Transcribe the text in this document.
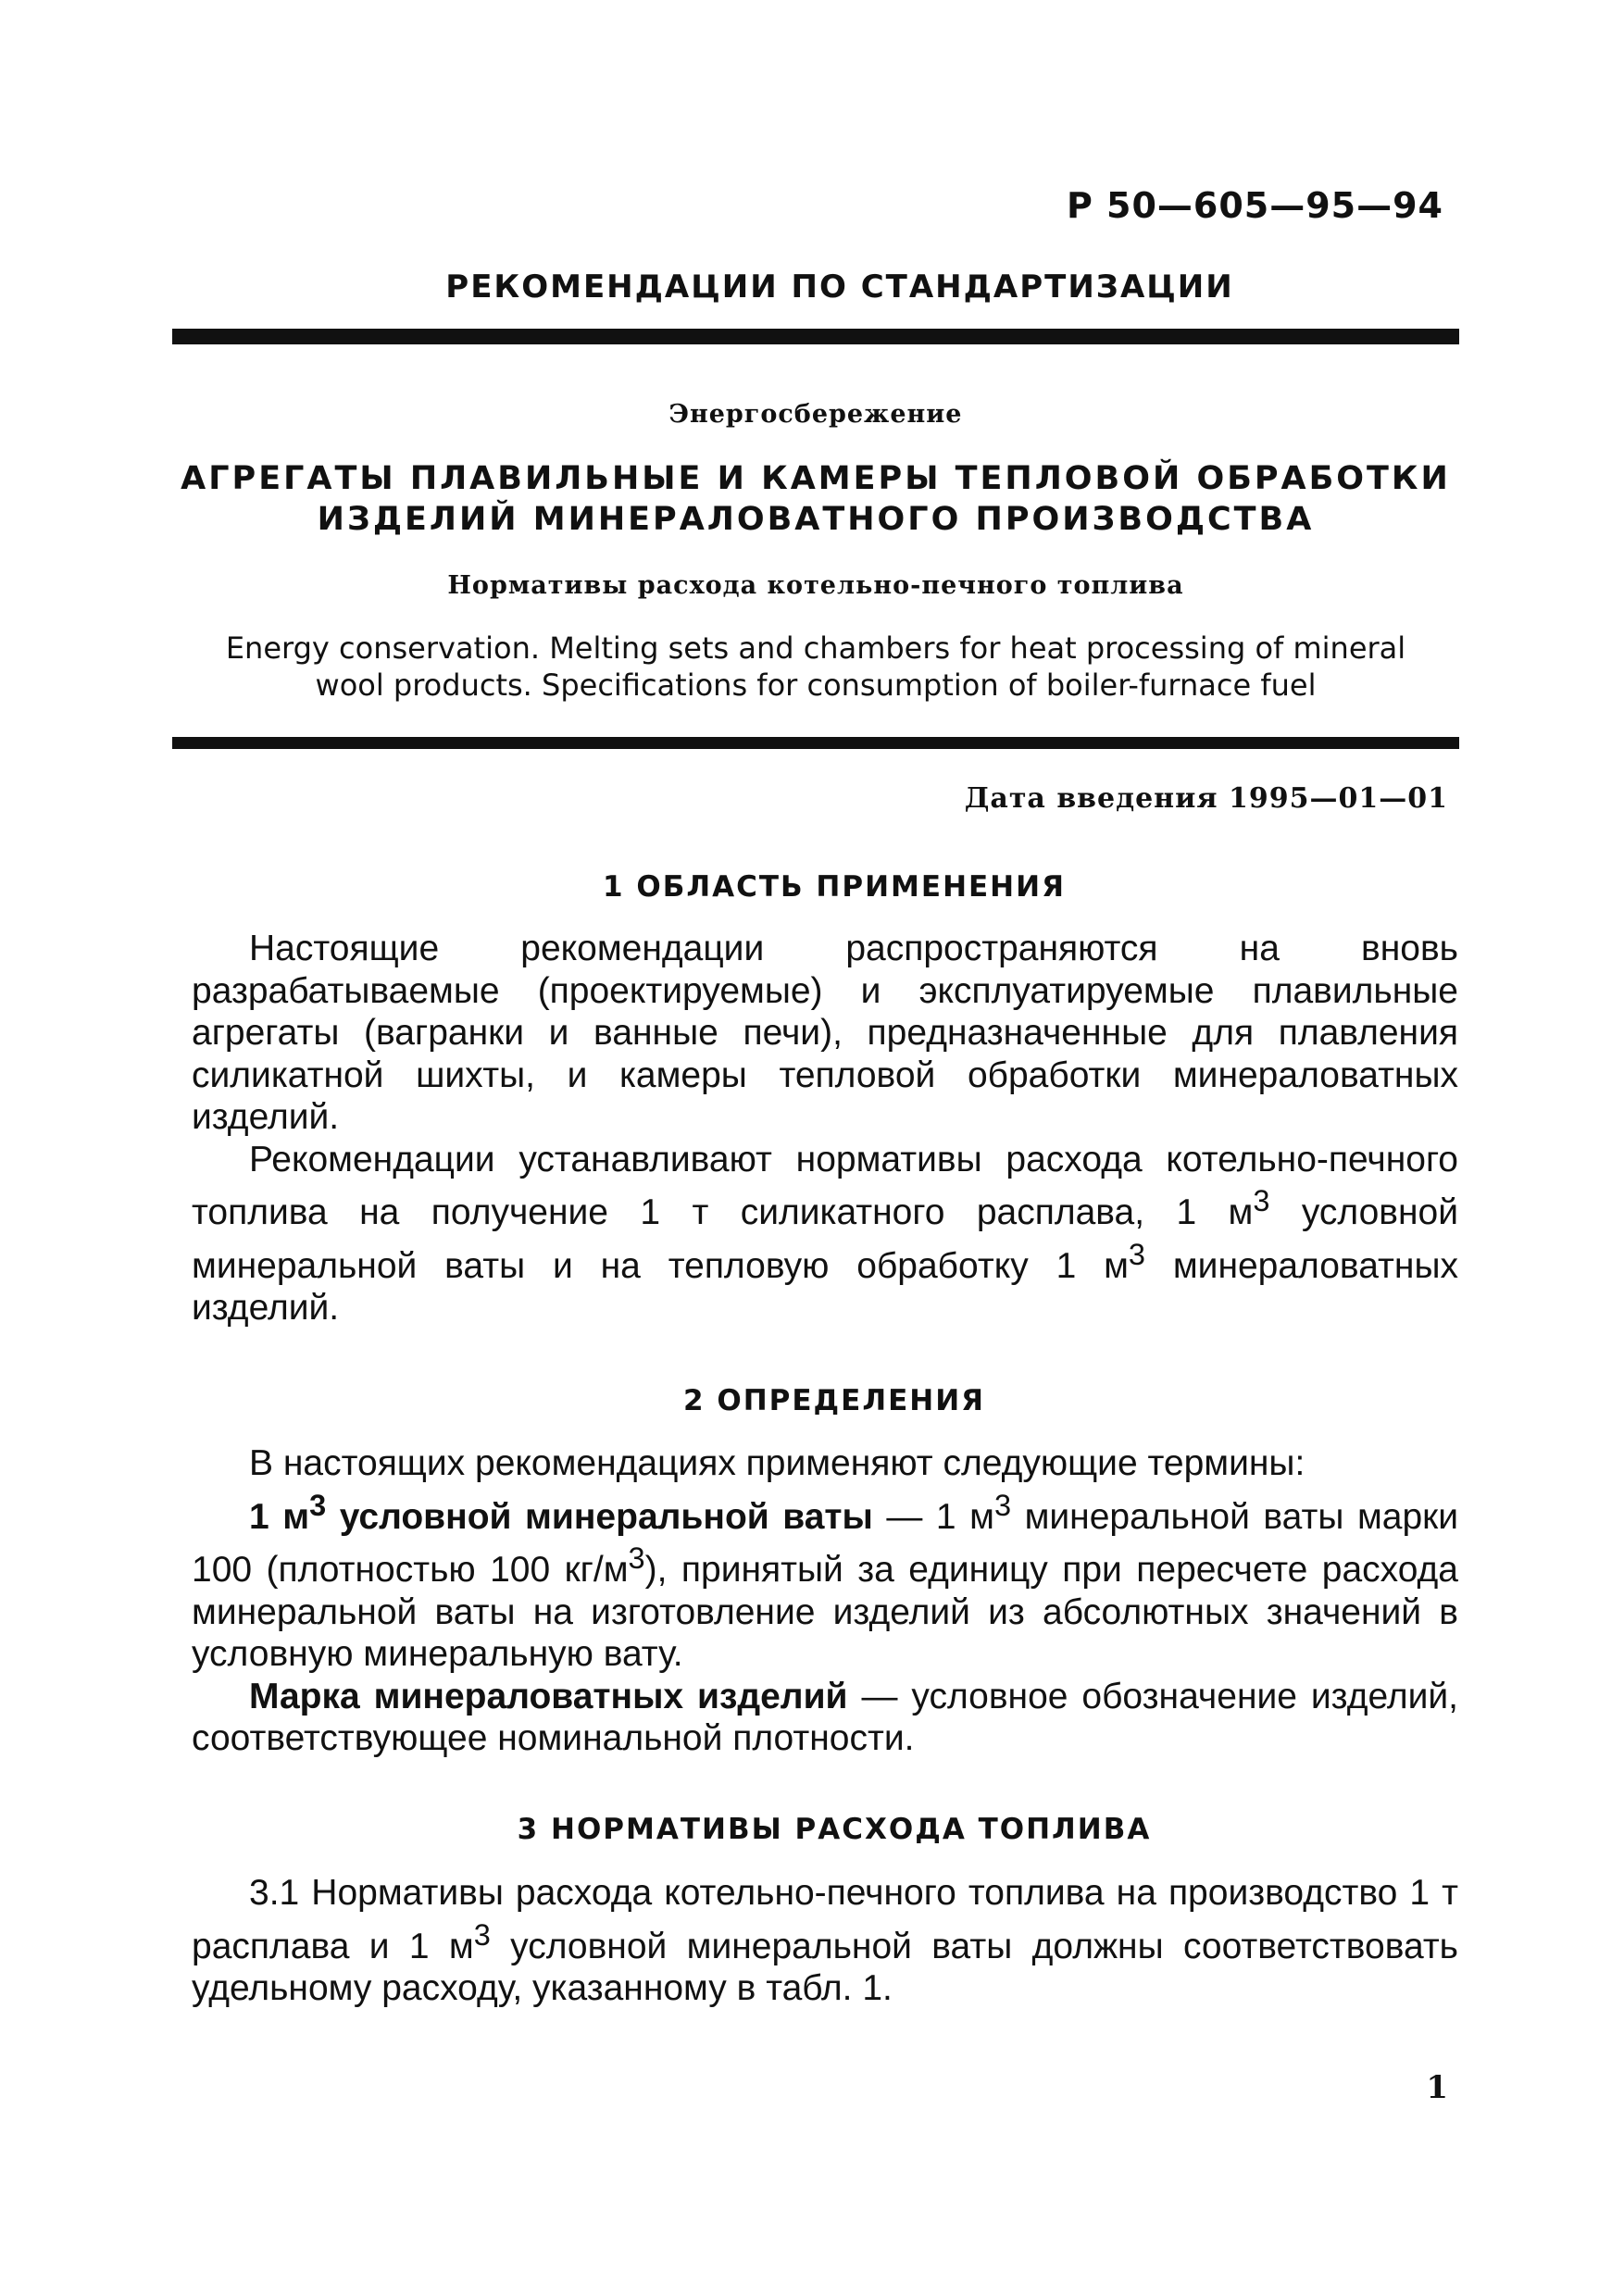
Р 50—605—95—94
РЕКОМЕНДАЦИИ ПО СТАНДАРТИЗАЦИИ
Энергосбережение
АГРЕГАТЫ ПЛАВИЛЬНЫЕ И КАМЕРЫ ТЕПЛОВОЙ ОБРАБОТКИ
ИЗДЕЛИЙ МИНЕРАЛОВАТНОГО ПРОИЗВОДСТВА
Нормативы расхода котельно-печного топлива
Energy conservation. Melting sets and chambers for heat processing of mineral
wool products. Specifications for consumption of boiler-furnace fuel
Дата введения 1995—01—01
1 ОБЛАСТЬ ПРИМЕНЕНИЯ

Настоящие рекомендации распространяются на вновь разрабатываемые (проектируемые) и эксплуатируемые плавильные агрегаты (вагранки и ванные печи), предназначенные для плавления силикатной шихты, и камеры тепловой обработки минераловатных изделий.

Рекомендации устанавливают нормативы расхода котельно-печного топлива на получение 1 т силикатного расплава, 1 $м^3$ условной минеральной ваты и на тепловую обработку 1 $м^3$ минераловатных изделий.

2 ОПРЕДЕЛЕНИЯ

В настоящих рекомендациях применяют следующие термины:

1 $м^3$ условной минеральной ваты — 1 $м^3$ минеральной ваты марки 100 (плотностью 100 $кг/м^3$), принятый за единицу при пересчете расхода минеральной ваты на изготовление изделий из абсолютных значений в условную минеральную вату.

Марка минераловатных изделий — условное обозначение изделий, соответствующее номинальной плотности.

3 НОРМАТИВЫ РАСХОДА ТОПЛИВА

3.1 Нормативы расхода котельно-печного топлива на производство 1 т расплава и 1 $м^3$ условной минеральной ваты должны соответствовать удельному расходу, указанному в табл. 1.

1
